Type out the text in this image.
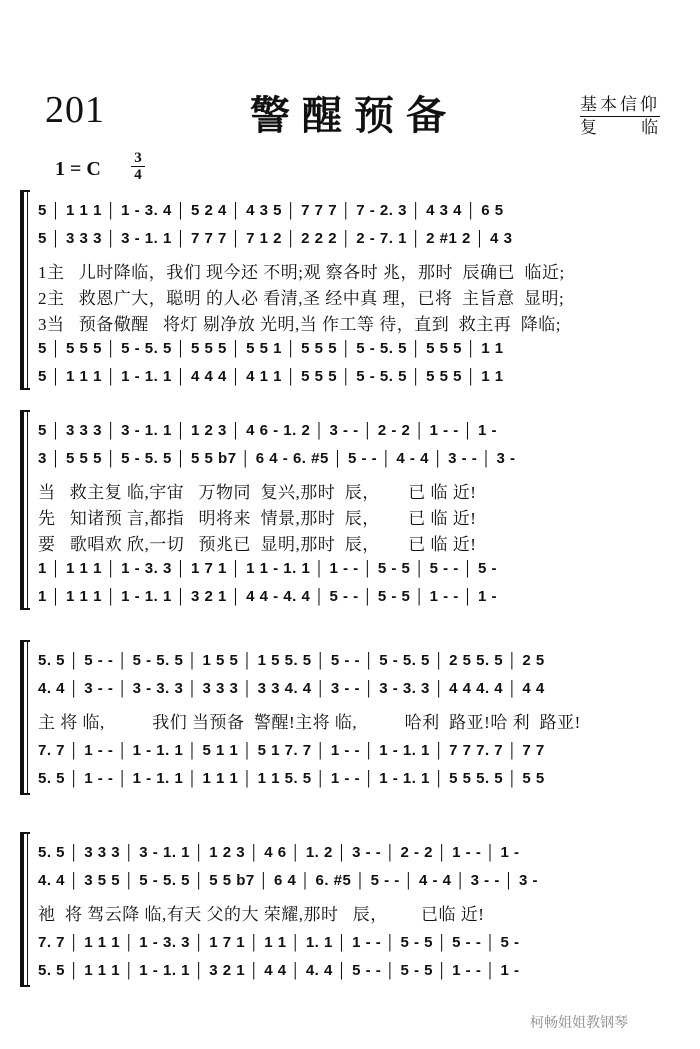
201	警醒预备	基本信仰
复 临
1 = C 3
4
5 │ 1 1 1 │ 1 - 3. 4 │ 5 2 4 │ 4 3 5 │ 7 7 7 │ 7 - 2. 3 │ 4 3 4 │ 6 5
5 │ 3 3 3 │ 3 - 1. 1 │ 7 7 7 │ 7 1 2 │ 2 2 2 │ 2 - 7. 1 │ 2 #1 2 │ 4 3
1主   儿时降临，我们 现今还 不明;观 察各时 兆，那时  辰确已  临近;
2主   救恩广大，聪明 的人必 看清,圣 经中真 理，已将  主旨意  显明;
3当   预备儆醒   将灯 剔净放 光明,当 作工等 待，直到  救主再  降临;
5 │ 5 5 5 │ 5 - 5. 5 │ 5 5 5 │ 5 5 1 │ 5 5 5 │ 5 - 5. 5 │ 5 5 5 │ 1 1
5 │ 1 1 1 │ 1 - 1. 1 │ 4 4 4 │ 4 1 1 │ 5 5 5 │ 5 - 5. 5 │ 5 5 5 │ 1 1
5 │ 3 3 3 │ 3 - 1. 1 │ 1 2 3 │ 4 6 - 1. 2 │ 3 - - │ 2 - 2 │ 1 - - │ 1 -
3 │ 5 5 5 │ 5 - 5. 5 │ 5 5 b7 │ 6 4 - 6. #5 │ 5 - - │ 4 - 4 │ 3 - - │ 3 -
当   救主复 临,宇宙   万物同  复兴,那时  辰，      已 临 近!
先   知诸预 言,都指   明将来  情景,那时  辰，      已 临 近!
要   歌唱欢 欣,一切   预兆已  显明,那时  辰，      已 临 近!
1 │ 1 1 1 │ 1 - 3. 3 │ 1 7 1 │ 1 1 - 1. 1 │ 1 - - │ 5 - 5 │ 5 - - │ 5 -
1 │ 1 1 1 │ 1 - 1. 1 │ 3 2 1 │ 4 4 - 4. 4 │ 5 - - │ 5 - 5 │ 1 - - │ 1 -
5. 5 │ 5 - - │ 5 - 5. 5 │ 1 5 5 │ 1 5 5. 5 │ 5 - - │ 5 - 5. 5 │ 2 5 5. 5 │ 2 5
4. 4 │ 3 - - │ 3 - 3. 3 │ 3 3 3 │ 3 3 4. 4 │ 3 - - │ 3 - 3. 3 │ 4 4 4. 4 │ 4 4
主 将 临,          我们 当预备  警醒!主将 临,          哈利  路亚!哈 利  路亚!
7. 7 │ 1 - - │ 1 - 1. 1 │ 5 1 1 │ 5 1 7. 7 │ 1 - - │ 1 - 1. 1 │ 7 7 7. 7 │ 7 7
5. 5 │ 1 - - │ 1 - 1. 1 │ 1 1 1 │ 1 1 5. 5 │ 1 - - │ 1 - 1. 1 │ 5 5 5. 5 │ 5 5
5. 5 │ 3 3 3 │ 3 - 1. 1 │ 1 2 3 │ 4 6 │ 1. 2 │ 3 - - │ 2 - 2 │ 1 - - │ 1 -
4. 4 │ 3 5 5 │ 5 - 5. 5 │ 5 5 b7 │ 6 4 │ 6. #5 │ 5 - - │ 4 - 4 │ 3 - - │ 3 -
祂  将 驾云降 临,有天 父的大 荣耀,那时   辰，       已临 近!
7. 7 │ 1 1 1 │ 1 - 3. 3 │ 1 7 1 │ 1 1 │ 1. 1 │ 1 - - │ 5 - 5 │ 5 - - │ 5 -
5. 5 │ 1 1 1 │ 1 - 1. 1 │ 3 2 1 │ 4 4 │ 4. 4 │ 5 - - │ 5 - 5 │ 1 - - │ 1 -
柯畅姐姐教钢琴
